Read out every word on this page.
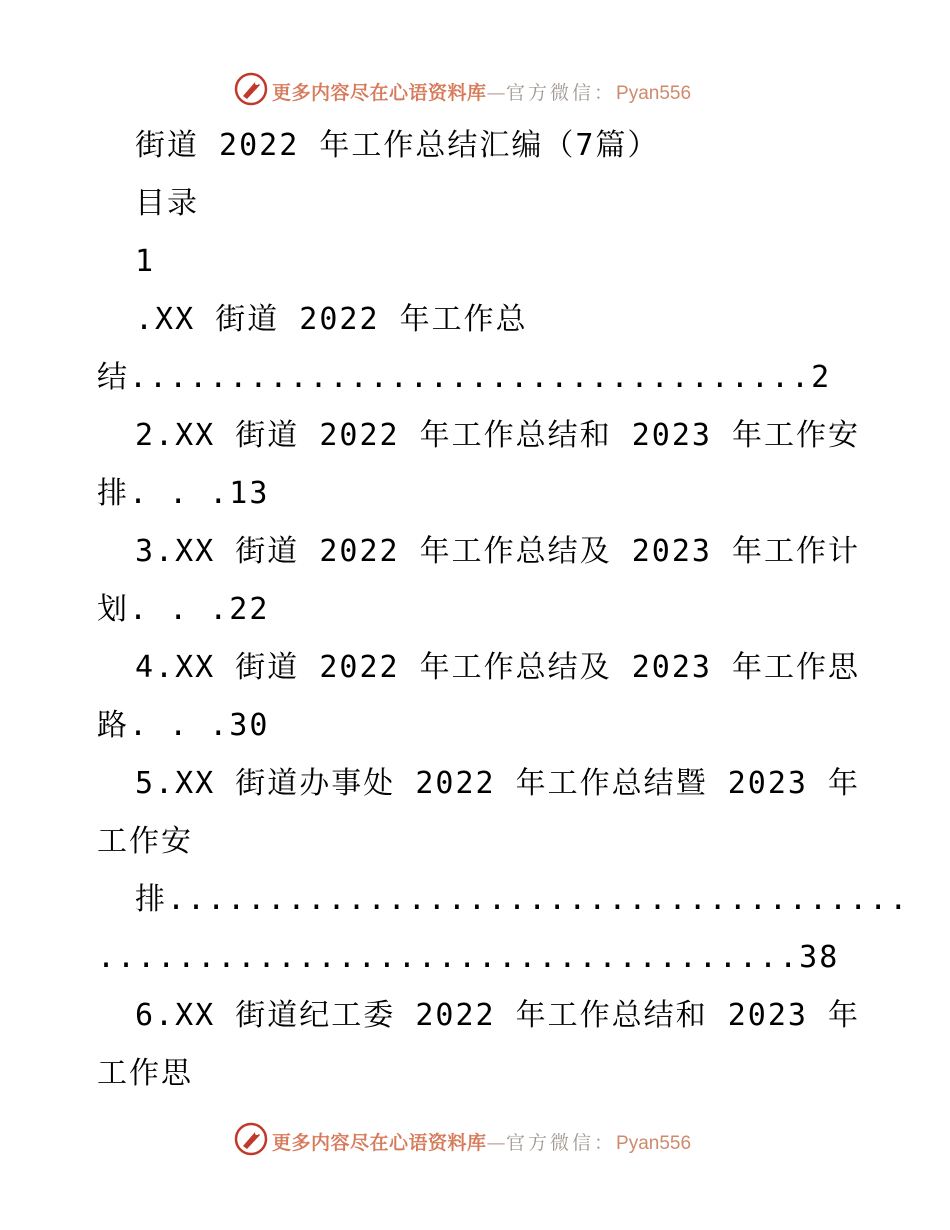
更多内容尽在心语资料库—官方微信：Pyan556
街道 2022 年工作总结汇编（7篇）
目录
1
.XX 街道 2022 年工作总
结..................................2
2.XX 街道 2022 年工作总结和 2023 年工作安
排. . .13
3.XX 街道 2022 年工作总结及 2023 年工作计
划. . .22
4.XX 街道 2022 年工作总结及 2023 年工作思
路. . .30
5.XX 街道办事处 2022 年工作总结暨 2023 年
工作安
排.....................................
...................................38
6.XX 街道纪工委 2022 年工作总结和 2023 年
工作思
更多内容尽在心语资料库—官方微信：Pyan556
